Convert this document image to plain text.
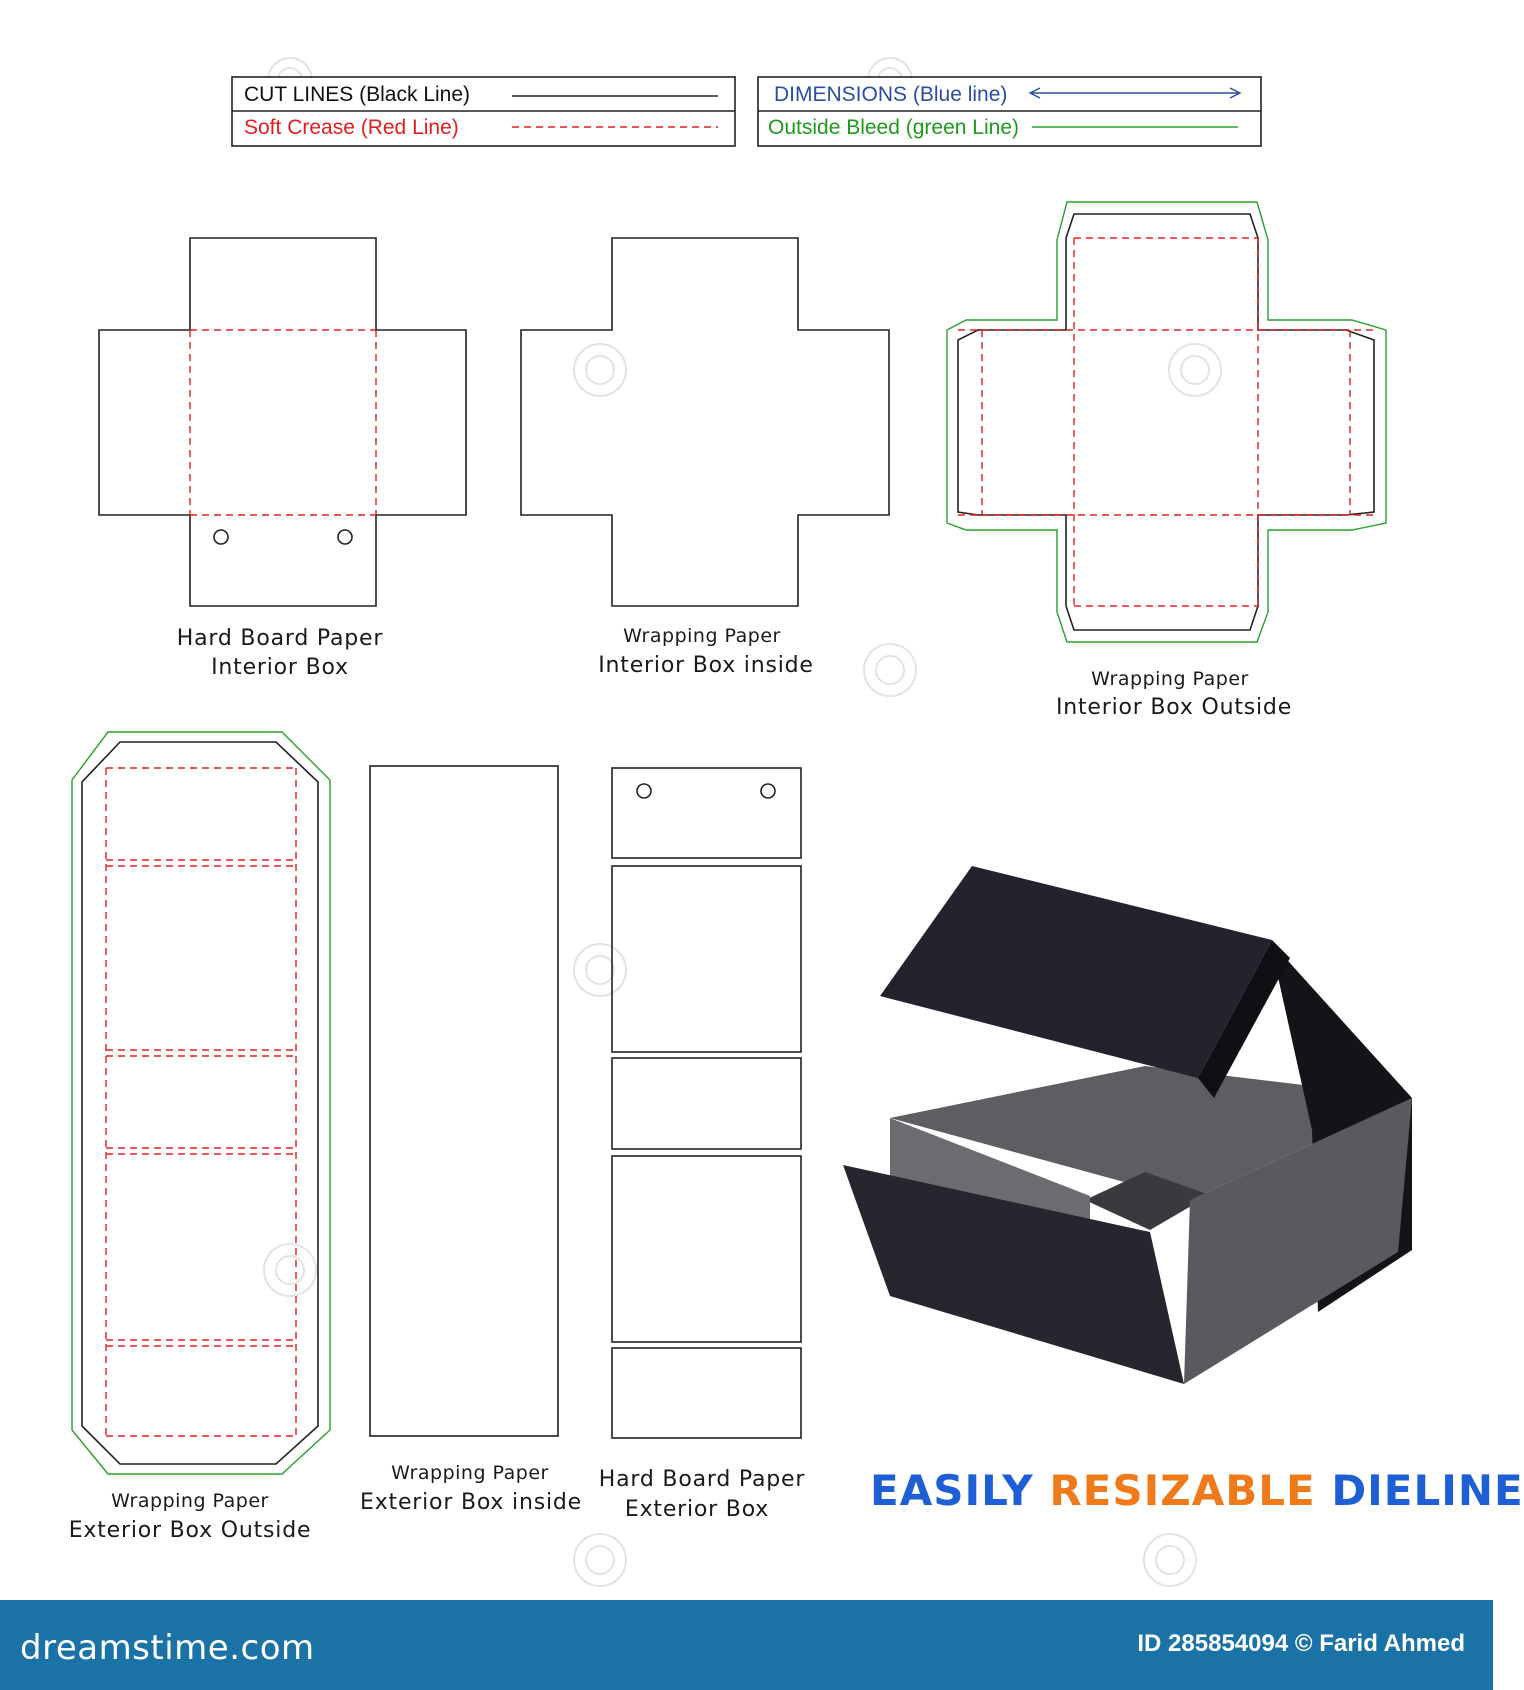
CUT LINES (Black Line)
Soft Crease (Red Line)
DIMENSIONS (Blue line)
Outside Bleed (green Line)
Hard Board Paper
Interior Box
Wrapping Paper
Interior Box inside
Wrapping Paper
Interior Box Outside
Wrapping Paper
Exterior Box Outside
Wrapping Paper
Exterior Box inside
Hard Board Paper
Exterior Box EASILY RESIZABLE DIELINE
dreamstime.com	ID 285854094 © Farid Ahmed
